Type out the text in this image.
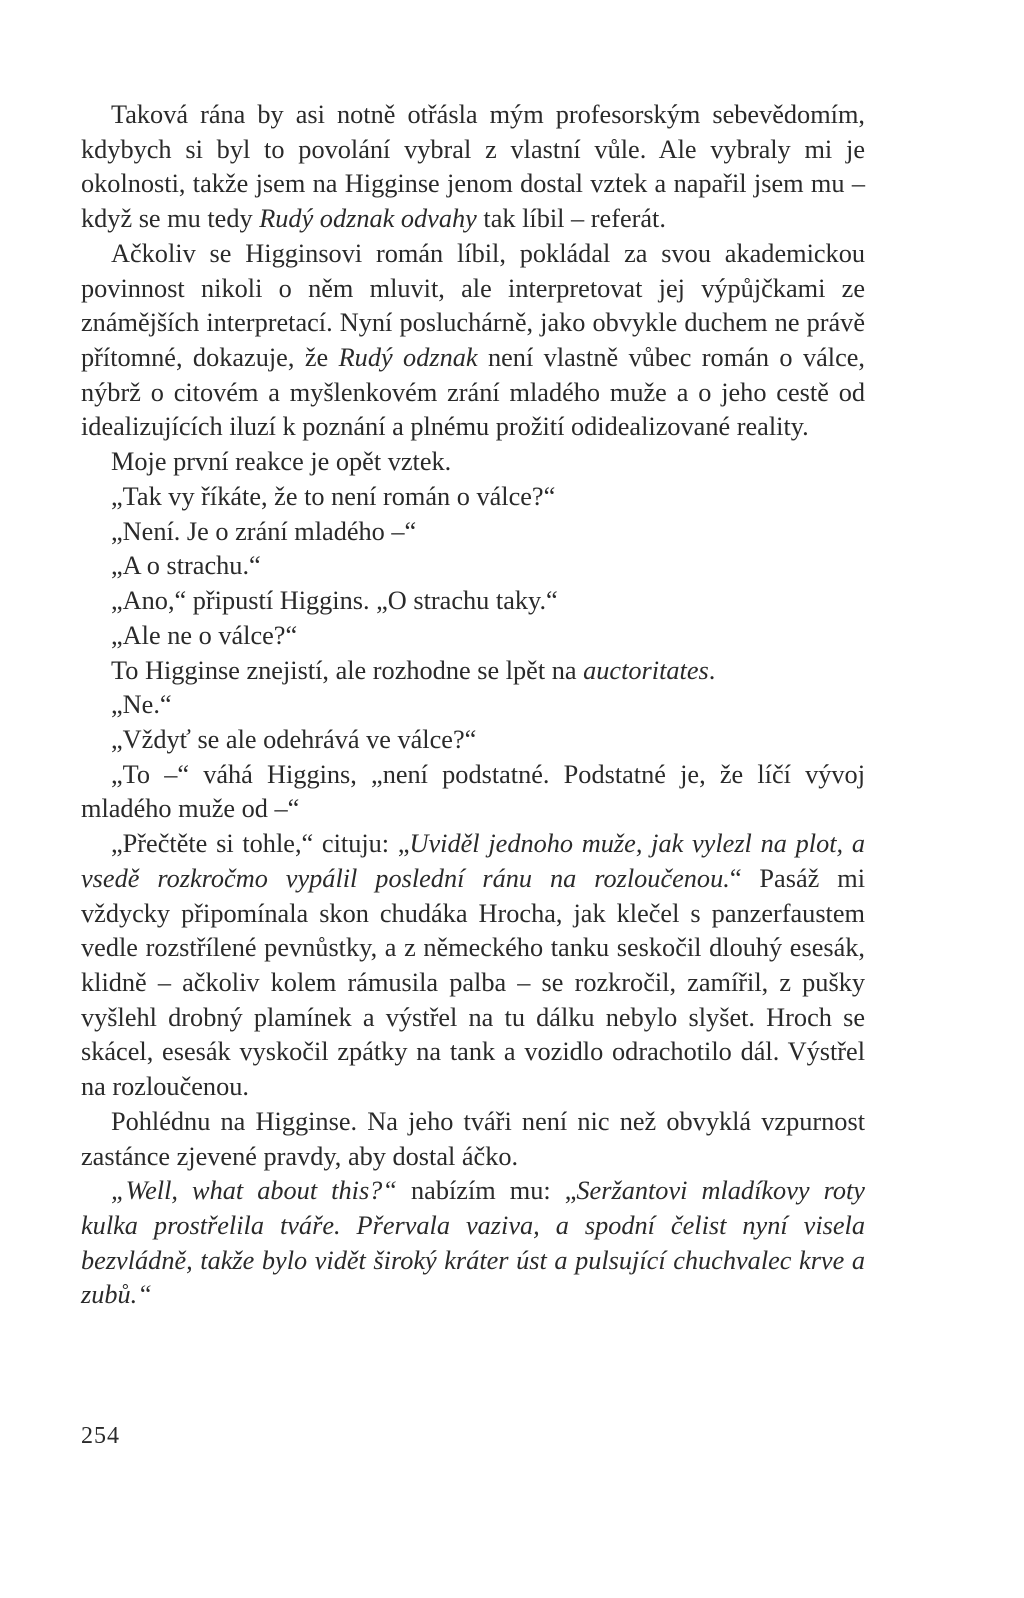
Taková rána by asi notně otřásla mým profesorským sebevědomím, kdybych si byl to povolání vybral z vlastní vůle. Ale vybraly mi je okolnosti, takže jsem na Higginse jenom dostal vztek a napařil jsem mu – když se mu tedy Rudý odznak odvahy tak líbil – referát.

Ačkoliv se Higginsovi román líbil, pokládal za svou akademickou povinnost nikoli o něm mluvit, ale interpretovat jej výpůjčkami ze známějších interpretací. Nyní posluchárně, jako obvykle duchem ne právě přítomné, dokazuje, že Rudý odznak není vlastně vůbec román o válce, nýbrž o citovém a myšlenkovém zrání mladého muže a o jeho cestě od idealizujících iluzí k poznání a plnému prožití odidealizované reality.

Moje první reakce je opět vztek.

„Tak vy říkáte, že to není román o válce?“

„Není. Je o zrání mladého –“

„A o strachu.“

„Ano,“ připustí Higgins. „O strachu taky.“

„Ale ne o válce?“

To Higginse znejistí, ale rozhodne se lpět na auctoritates.

„Ne.“

„Vždyť se ale odehrává ve válce?“

„To –“ váhá Higgins, „není podstatné. Podstatné je, že líčí vývoj mladého muže od –“

„Přečtěte si tohle,“ cituju: „Uviděl jednoho muže, jak vylezl na plot, a vsedě rozkročmo vypálil poslední ránu na rozloučenou.“ Pasáž mi vždycky připomínala skon chudáka Hrocha, jak klečel s panzerfaustem vedle rozstřílené pevnůstky, a z německého tanku seskočil dlouhý esesák, klidně – ačkoliv kolem rámusila palba – se rozkročil, zamířil, z pušky vyšlehl drobný plamínek a výstřel na tu dálku nebylo slyšet. Hroch se skácel, esesák vyskočil zpátky na tank a vozidlo odrachotilo dál. Výstřel na rozloučenou.

Pohlédnu na Higginse. Na jeho tváři není nic než obvyklá vzpurnost zastánce zjevené pravdy, aby dostal áčko.

„Well, what about this?“ nabízím mu: „Seržantovi mladíkovy roty kulka prostřelila tváře. Přervala vaziva, a spodní čelist nyní visela bezvládně, takže bylo vidět široký kráter úst a pulsující chuchvalec krve a zubů.“

254
